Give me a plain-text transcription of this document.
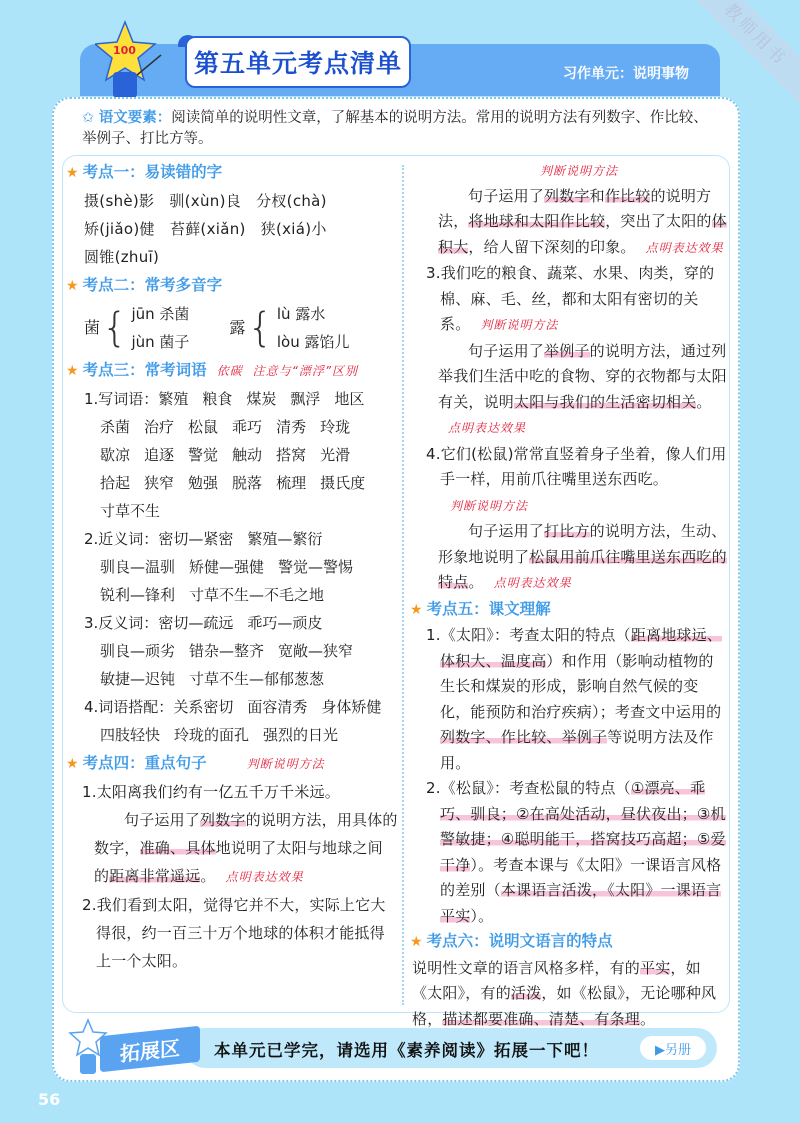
教师用书
100	第五单元考点清单	习作单元：说明事物
✩ 语文要素：阅读简单的说明性文章，了解基本的说明方法。常用的说明方法有列数字、作比较、举例子、打比方等。
★ 考点一：易读错的字
摄(shè)影 驯(xùn)良 分杈(chà)
矫(jiǎo)健 苔藓(xiǎn) 狭(xiá)小
圆锥(zhuī)
★ 考点二：常考多音字
菌 { jūn 杀菌
jùn 菌子
露 { lù 露水
lòu 露馅儿
★ 考点三：常考词语 依碳 注意与“漂浮”区别
1.写词语：繁殖 粮食 煤炭 飘浮 地区
杀菌 治疗 松鼠 乖巧 清秀 玲珑
歇凉 追逐 警觉 触动 搭窝 光滑
拾起 狭窄 勉强 脱落 梳理 摄氏度
寸草不生
2.近义词：密切—紧密 繁殖—繁衍
驯良—温驯 矫健—强健 警觉—警惕
锐利—锋利 寸草不生—不毛之地
3.反义词：密切—疏远 乖巧—顽皮
驯良—顽劣 错杂—整齐 宽敞—狭窄
敏捷—迟钝 寸草不生—郁郁葱葱
4.词语搭配：关系密切 面容清秀 身体矫健
四肢轻快 玲珑的面孔 强烈的日光
★ 考点四：重点句子	判断说明方法
1.太阳离我们约有一亿五千万千米远。
句子运用了列数字的说明方法，用具体的数字，准确、具体地说明了太阳与地球之间的距离非常遥远。 点明表达效果
2.我们看到太阳，觉得它并不大，实际上它大得很，约一百三十万个地球的体积才能抵得上一个太阳。
判断说明方法
句子运用了列数字和作比较的说明方法，将地球和太阳作比较，突出了太阳的体积大，给人留下深刻的印象。 点明表达效果
3.我们吃的粮食、蔬菜、水果、肉类，穿的棉、麻、毛、丝，都和太阳有密切的关系。 判断说明方法
句子运用了举例子的说明方法，通过列举我们生活中吃的食物、穿的衣物都与太阳有关，说明太阳与我们的生活密切相关。点明表达效果
4.它们(松鼠)常常直竖着身子坐着，像人们用手一样，用前爪往嘴里送东西吃。判断说明方法
句子运用了打比方的说明方法，生动、形象地说明了松鼠用前爪往嘴里送东西吃的特点。 点明表达效果
★ 考点五：课文理解
1.《太阳》：考查太阳的特点（距离地球远、体积大、温度高）和作用（影响动植物的生长和煤炭的形成，影响自然气候的变化，能预防和治疗疾病）；考查文中运用的列数字、作比较、举例子等说明方法及作用。
2.《松鼠》：考查松鼠的特点（①漂亮、乖巧、驯良；②在高处活动，昼伏夜出；③机警敏捷；④聪明能干，搭窝技巧高超；⑤爱干净）。考查本课与《太阳》一课语言风格的差别（本课语言活泼，《太阳》一课语言平实）。
★ 考点六：说明文语言的特点
说明性文章的语言风格多样，有的平实，如《太阳》，有的活泼，如《松鼠》，无论哪种风格，描述都要准确、清楚、有条理。
拓展区	本单元已学完，请选用《素养阅读》拓展一下吧！	▶另册
56
